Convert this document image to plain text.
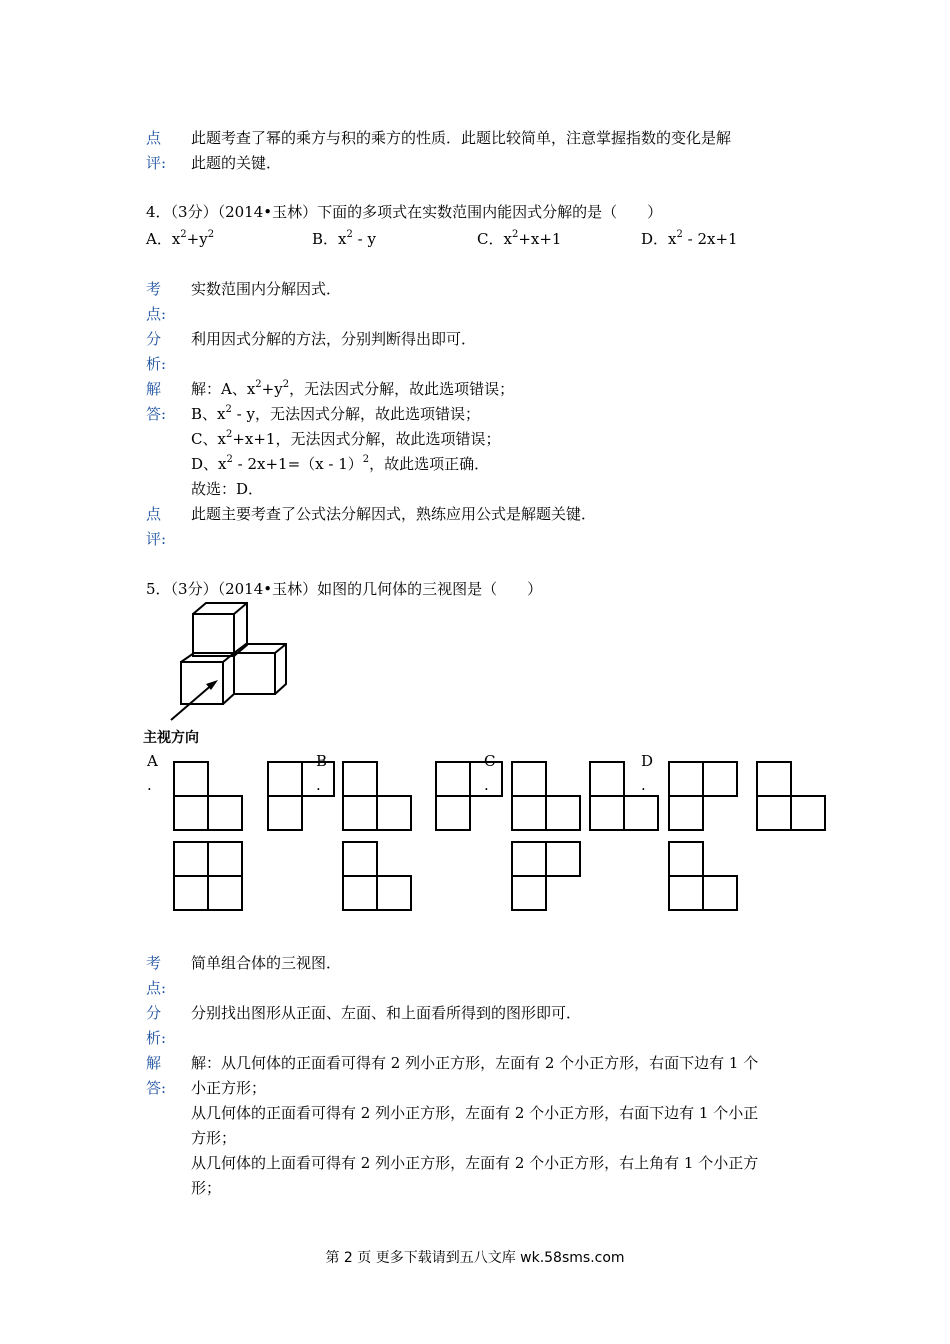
点 此题考查了幂的乘方与积的乘方的性质．此题比较简单，注意掌握指数的变化是解
评: 此题的关键．
4．（3分）（2014•玉林）下面的多项式在实数范围内能因式分解的是（　　）
A．$x^2+y^2$	B．$x^2$ - y	C．$x^2+x+1$	D．$x^2 - 2x+1$
考 实数范围内分解因式．
点:
分 利用因式分解的方法，分别判断得出即可．
析:
解 解：A、$x^2+y^2$，无法因式分解，故此选项错误；
答: B、$x^2$ - y，无法因式分解，故此选项错误；
C、$x^2+x+1$，无法因式分解，故此选项错误；
D、$x^2 - 2x+1=(x - 1)^2$，故此选项正确．
故选：D．
点 此题主要考查了公式法分解因式，熟练应用公式是解题关键．
评:
5．（3分）（2014•玉林）如图的几何体的三视图是（　　）
主视方向
A
.
B
.
C
.
D
.
考 简单组合体的三视图．
点:
分 分别找出图形从正面、左面、和上面看所得到的图形即可．
析:
解 解：从几何体的正面看可得有 2 列小正方形，左面有 2 个小正方形，右面下边有 1 个
答: 小正方形；
从几何体的正面看可得有 2 列小正方形，左面有 2 个小正方形，右面下边有 1 个小正
方形；
从几何体的上面看可得有 2 列小正方形，左面有 2 个小正方形，右上角有 1 个小正方
形；
第 2 页 更多下载请到五八文库 wk.58sms.com
